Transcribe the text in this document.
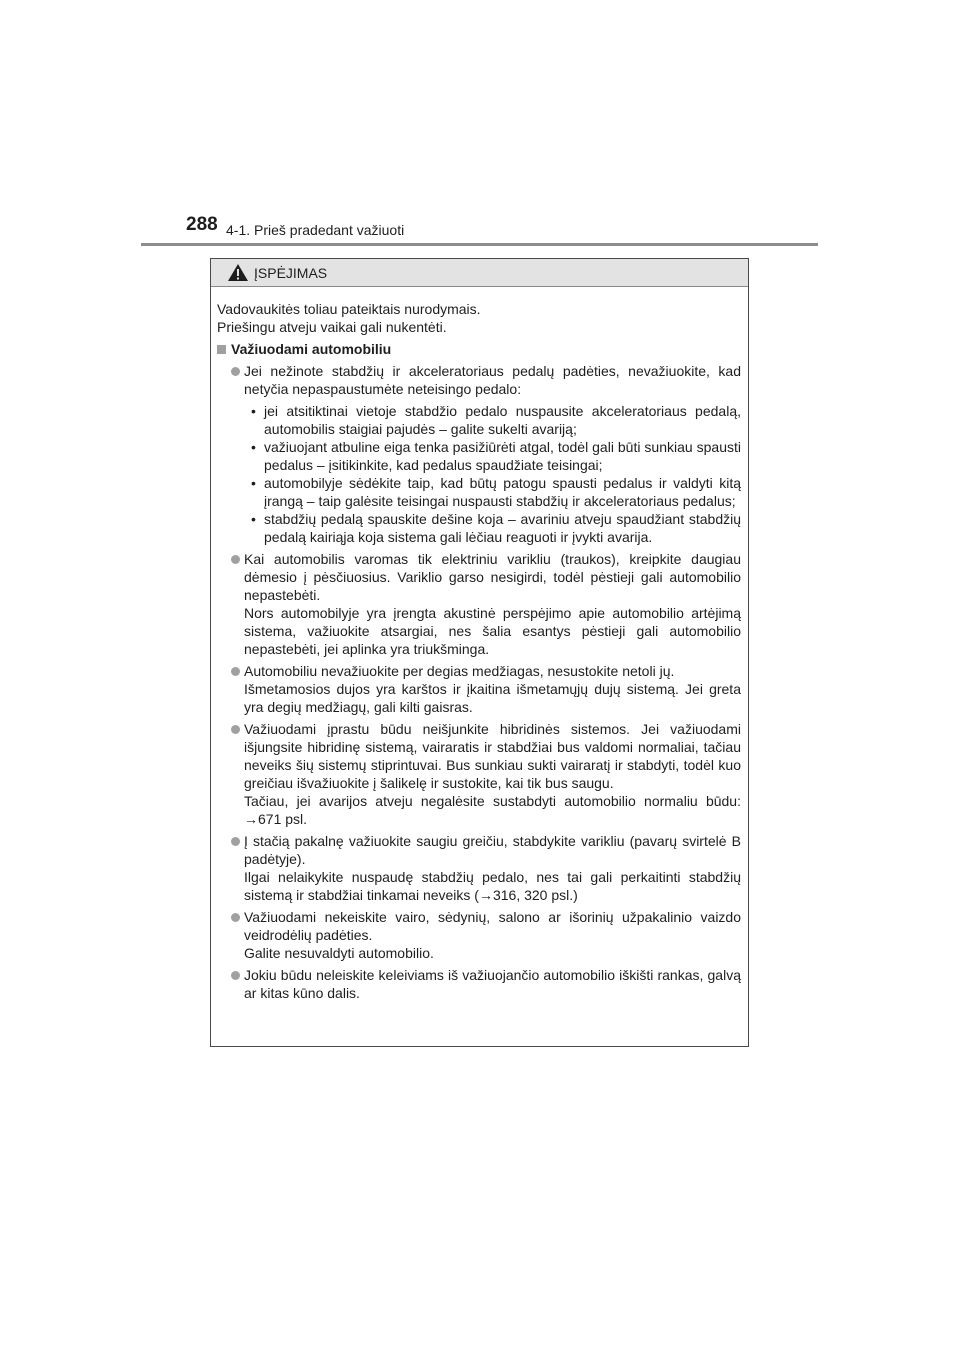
288 4-1. Prieš pradedant važiuoti
ĮSPĖJIMAS

Vadovaukitės toliau pateiktais nurodymais.

Priešingu atveju vaikai gali nukentėti.

Važiuodami automobiliu

Jei nežinote stabdžių ir akceleratoriaus pedalų padėties, nevažiuokite, kad netyčia nepaspaustumėte neteisingo pedalo:

• jei atsitiktinai vietoje stabdžio pedalo nuspausite akceleratoriaus pedalą, automobilis staigiai pajudės – galite sukelti avariją;
• važiuojant atbuline eiga tenka pasižiūrėti atgal, todėl gali būti sunkiau spausti pedalus – įsitikinkite, kad pedalus spaudžiate teisingai;
• automobilyje sėdėkite taip, kad būtų patogu spausti pedalus ir valdyti kitą įrangą – taip galėsite teisingai nuspausti stabdžių ir akceleratoriaus pedalus;
• stabdžių pedalą spauskite dešine koja – avariniu atveju spaudžiant stabdžių pedalą kairiąja koja sistema gali lėčiau reaguoti ir įvykti avarija.

Kai automobilis varomas tik elektriniu varikliu (traukos), kreipkite daugiau dėmesio į pėsčiuosius. Variklio garso nesigirdi, todėl pėstieji gali automobilio nepastebėti.

Nors automobilyje yra įrengta akustinė perspėjimo apie automobilio artėjimą sistema, važiuokite atsargiai, nes šalia esantys pėstieji gali automobilio nepastebėti, jei aplinka yra triukšminga.

Automobiliu nevažiuokite per degias medžiagas, nesustokite netoli jų.

Išmetamosios dujos yra karštos ir įkaitina išmetamųjų dujų sistemą. Jei greta yra degių medžiagų, gali kilti gaisras.

Važiuodami įprastu būdu neišjunkite hibridinės sistemos. Jei važiuodami išjungsite hibridinę sistemą, vairaratis ir stabdžiai bus valdomi normaliai, tačiau neveiks šių sistemų stiprintuvai. Bus sunkiau sukti vairaratį ir stabdyti, todėl kuo greičiau išvažiuokite į šalikelę ir sustokite, kai tik bus saugu.

Tačiau, jei avarijos atveju negalėsite sustabdyti automobilio normaliu būdu: →671 psl.

Į stačią pakalnę važiuokite saugiu greičiu, stabdykite varikliu (pavarų svirtelė B padėtyje).

Ilgai nelaikykite nuspaudę stabdžių pedalo, nes tai gali perkaitinti stabdžių sistemą ir stabdžiai tinkamai neveiks (→316, 320 psl.)

Važiuodami nekeiskite vairo, sėdynių, salono ar išorinių užpakalinio vaizdo veidrodėlių padėties.

Galite nesuvaldyti automobilio.

Jokiu būdu neleiskite keleiviams iš važiuojančio automobilio iškišti rankas, galvą ar kitas kūno dalis.
